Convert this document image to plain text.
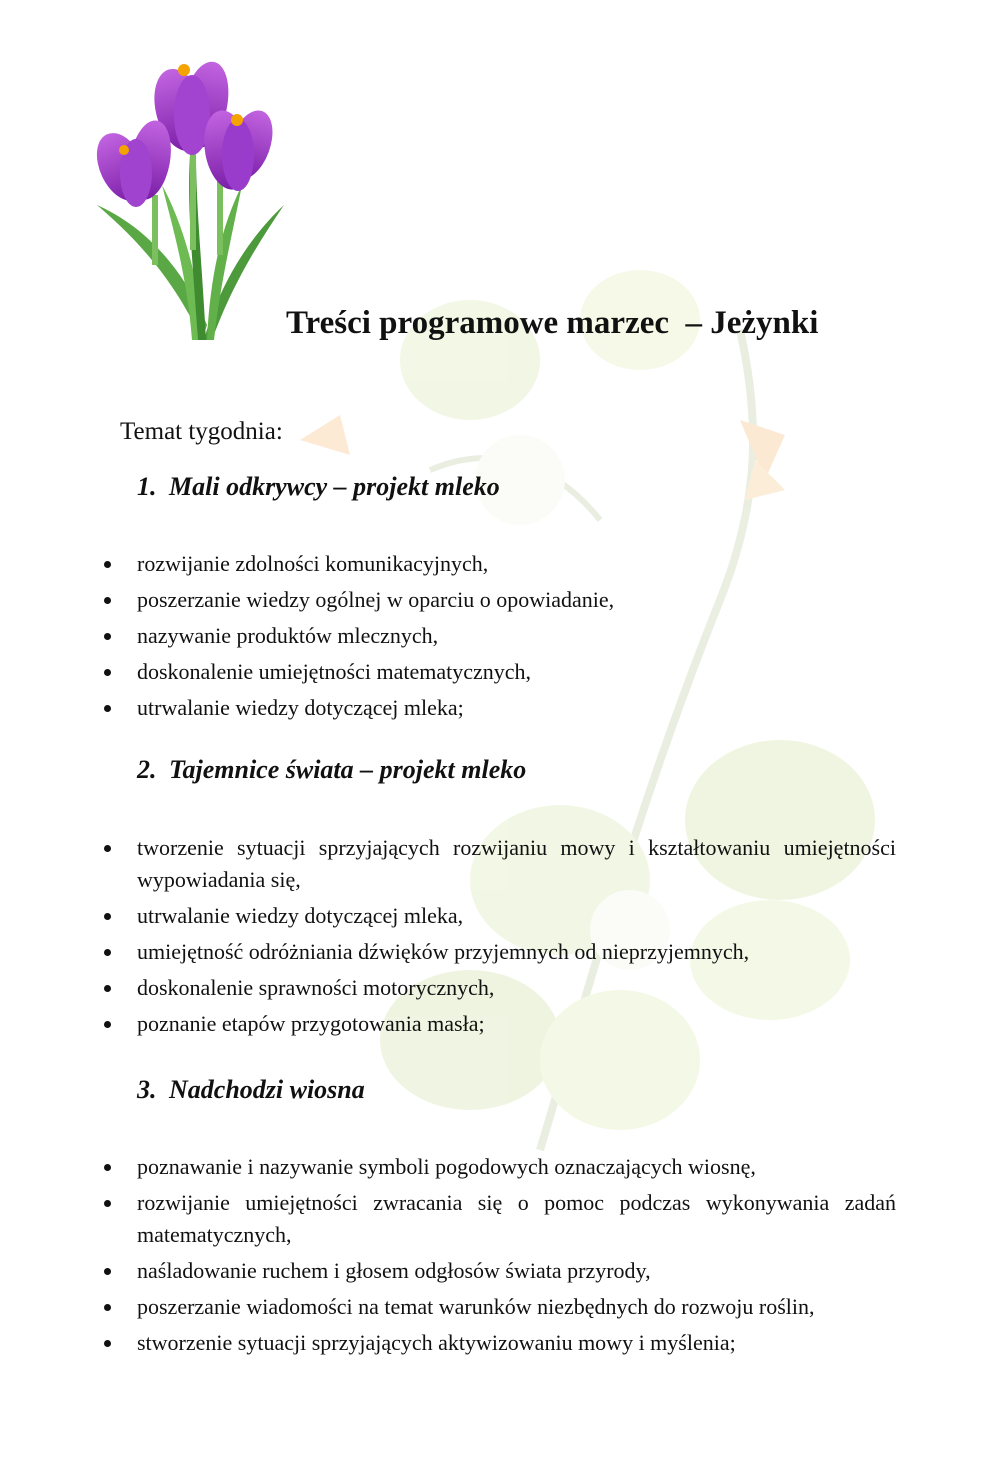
Treści programowe marzec  – Jeżynki

Temat tygodnia:

1. Mali odkrywcy – projekt mleko
rozwijanie zdolności komunikacyjnych,
poszerzanie wiedzy ogólnej w oparciu o opowiadanie,
nazywanie produktów mlecznych,
doskonalenie umiejętności matematycznych,
utrwalanie wiedzy dotyczącej mleka;
2. Tajemnice świata – projekt mleko
tworzenie sytuacji sprzyjających rozwijaniu mowy i kształtowaniu umiejętności wypowiadania się,
utrwalanie wiedzy dotyczącej mleka,
umiejętność odróżniania dźwięków przyjemnych od nieprzyjemnych,
doskonalenie sprawności motorycznych,
poznanie etapów przygotowania masła;
3. Nadchodzi wiosna
poznawanie i nazywanie symboli pogodowych oznaczających wiosnę,
rozwijanie umiejętności zwracania się o pomoc podczas wykonywania zadań matematycznych,
naśladowanie ruchem i głosem odgłosów świata przyrody,
poszerzanie wiadomości na temat warunków niezbędnych do rozwoju roślin,
stworzenie sytuacji sprzyjających aktywizowaniu mowy i myślenia;
